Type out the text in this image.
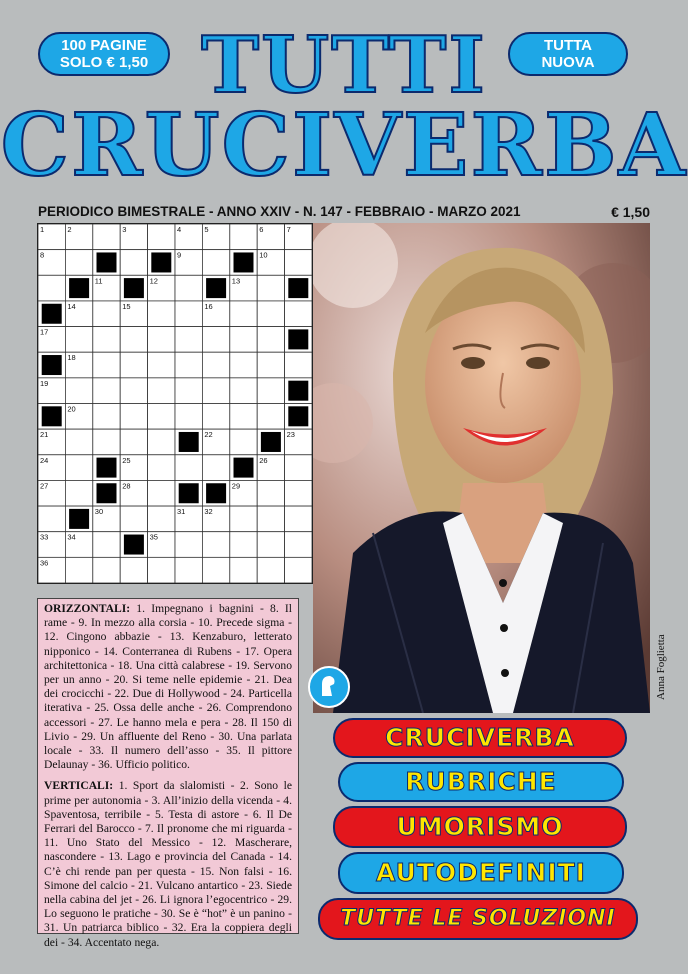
100 PAGINE
SOLO € 1,50
TUTTA
NUOVA
TUTTI
CRUCIVERBA
PERIODICO BIMESTRALE - ANNO XXIV - N. 147 - FEBBRAIO - MARZO 2021	€ 1,50
1	2	3	4	5	6	7
8	9	10
11	12	13
14	15	16
17
18
19
20
21	22	23
24	25	26
27	28	29
30	31	32
33	34	35
36
Anna Foglietta

ORIZZONTALI: 1. Impegnano i bagnini - 8. Il rame - 9. In mezzo alla corsia - 10. Precede sigma - 12. Cingono abbazie - 13. Kenzaburo, letterato nipponico - 14. Conterranea di Rubens - 17. Opera architettonica - 18. Una città calabrese - 19. Servono per un anno - 20. Si teme nelle epidemie - 21. Dea dei crocicchi - 22. Due di Hollywood - 24. Particella iterativa - 25. Ossa delle anche - 26. Comprendono accessori - 27. Le hanno mela e pera - 28. Il 150 di Livio - 29. Un affluente del Reno - 30. Una parlata locale - 33. Il numero dell’asso - 35. Il pittore Delaunay - 36. Ufficio politico.

VERTICALI: 1. Sport da slalomisti - 2. Sono le prime per autonomia - 3. All’inizio della vicenda - 4. Spaventosa, terribile - 5. Testa di astore - 6. Il De Ferrari del Barocco - 7. Il pronome che mi riguarda - 11. Uno Stato del Messico - 12. Mascherare, nascondere - 13. Lago e provincia del Canada - 14. C’è chi rende pan per questa - 15. Non falsi - 16. Simone del calcio - 21. Vulcano antartico - 23. Siede nella cabina del jet - 26. Li ignora l’egocentrico - 29. Lo seguono le pratiche - 30. Se è “hot” è un panino - 31. Un patriarca biblico - 32. Era la coppiera degli dei - 34. Accentato nega.

CRUCIVERBA
RUBRICHE
UMORISMO
AUTODEFINITI
TUTTE LE SOLUZIONI
